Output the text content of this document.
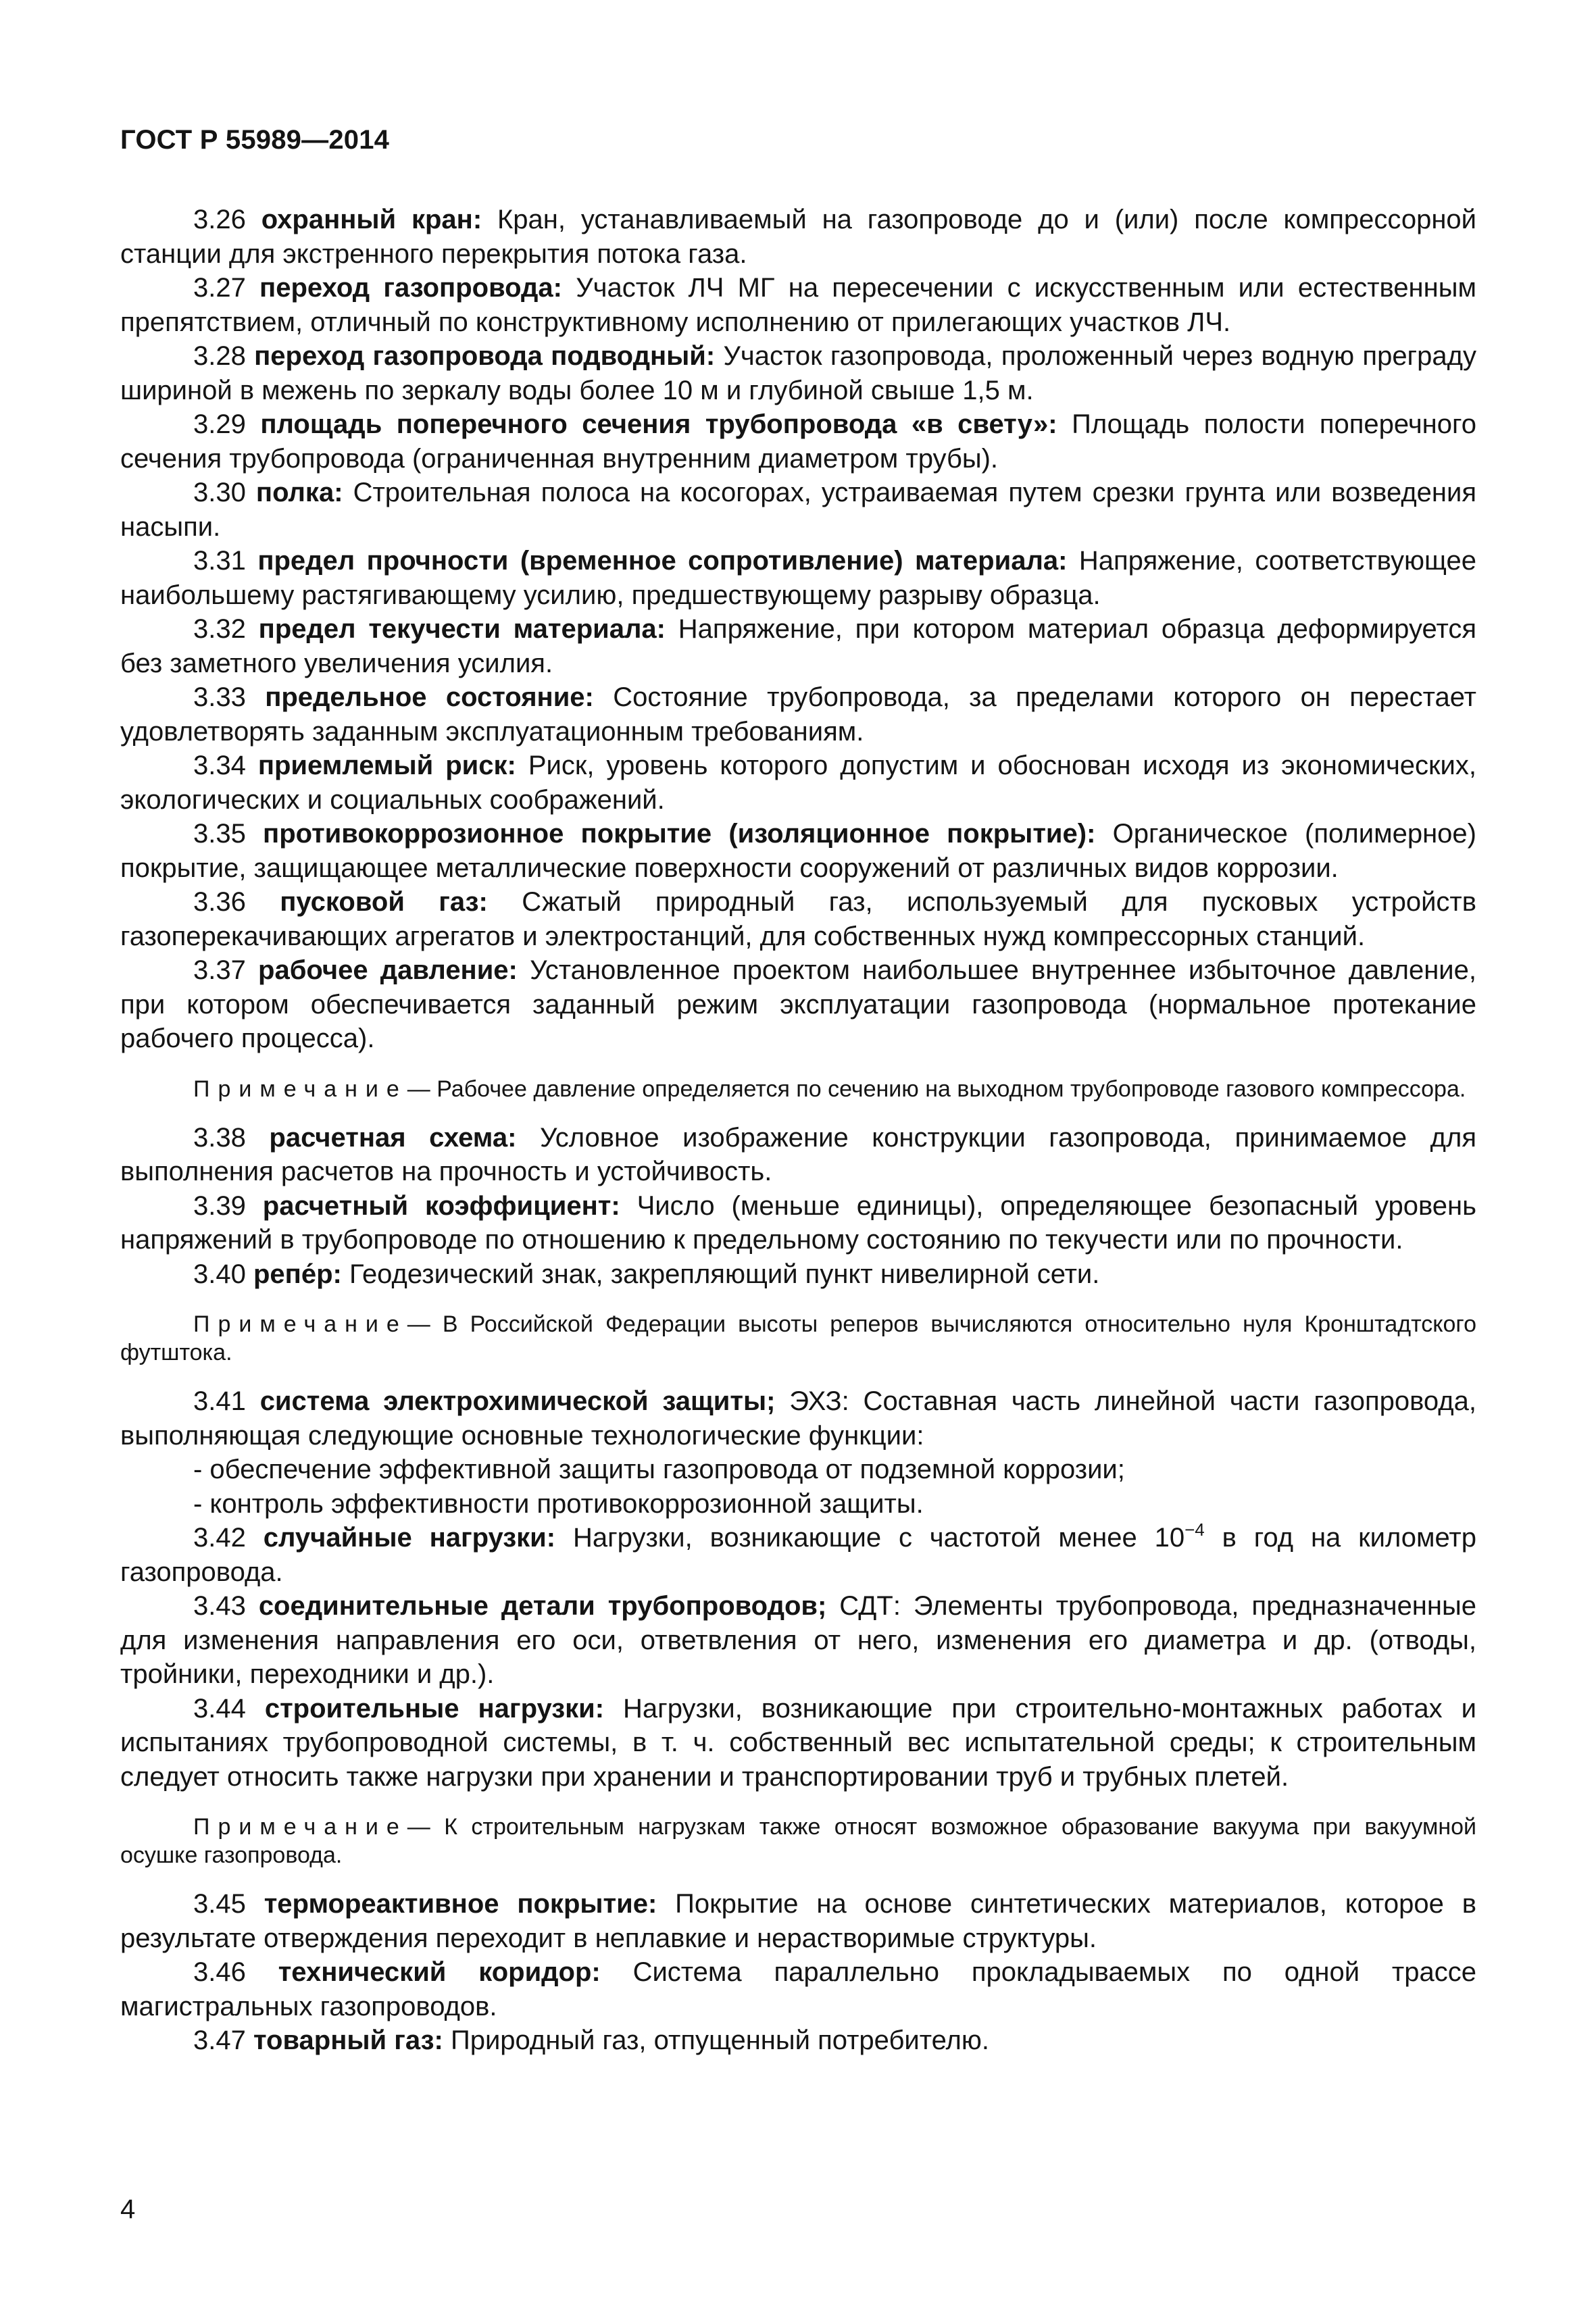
ГОСТ Р 55989—2014

3.26 охранный кран: Кран, устанавливаемый на газопроводе до и (или) после компрессорной станции для экстренного перекрытия потока газа.

3.27 переход газопровода: Участок ЛЧ МГ на пересечении с искусственным или естественным препятствием, отличный по конструктивному исполнению от прилегающих участков ЛЧ.

3.28 переход газопровода подводный: Участок газопровода, проложенный через водную преграду шириной в межень по зеркалу воды более 10 м и глубиной свыше 1,5 м.

3.29 площадь поперечного сечения трубопровода «в свету»: Площадь полости поперечного сечения трубопровода (ограниченная внутренним диаметром трубы).

3.30 полка: Строительная полоса на косогорах, устраиваемая путем срезки грунта или возведения насыпи.

3.31 предел прочности (временное сопротивление) материала: Напряжение, соответствующее наибольшему растягивающему усилию, предшествующему разрыву образца.

3.32 предел текучести материала: Напряжение, при котором материал образца деформируется без заметного увеличения усилия.

3.33 предельное состояние: Состояние трубопровода, за пределами которого он перестает удовлетворять заданным эксплуатационным требованиям.

3.34 приемлемый риск: Риск, уровень которого допустим и обоснован исходя из экономических, экологических и социальных соображений.

3.35 противокоррозионное покрытие (изоляционное покрытие): Органическое (полимерное) покрытие, защищающее металлические поверхности сооружений от различных видов коррозии.

3.36 пусковой газ: Сжатый природный газ, используемый для пусковых устройств газоперекачивающих агрегатов и электростанций, для собственных нужд компрессорных станций.

3.37 рабочее давление: Установленное проектом наибольшее внутреннее избыточное давление, при котором обеспечивается заданный режим эксплуатации газопровода (нормальное протекание рабочего процесса).

Примечание— Рабочее давление определяется по сечению на выходном трубопроводе газового компрессора.

3.38 расчетная схема: Условное изображение конструкции газопровода, принимаемое для выполнения расчетов на прочность и устойчивость.

3.39 расчетный коэффициент: Число (меньше единицы), определяющее безопасный уровень напряжений в трубопроводе по отношению к предельному состоянию по текучести или по прочности.

3.40 репе́р: Геодезический знак, закрепляющий пункт нивелирной сети.

Примечание— В Российской Федерации высоты реперов вычисляются относительно нуля Кронштадтского футштока.

3.41 система электрохимической защиты; ЭХЗ: Составная часть линейной части газопровода, выполняющая следующие основные технологические функции:

- обеспечение эффективной защиты газопровода от подземной коррозии;

- контроль эффективности противокоррозионной защиты.

3.42 случайные нагрузки: Нагрузки, возникающие с частотой менее $10^{-4}$ в год на километр газопровода.

3.43 соединительные детали трубопроводов; СДТ: Элементы трубопровода, предназначенные для изменения направления его оси, ответвления от него, изменения его диаметра и др. (отводы, тройники, переходники и др.).

3.44 строительные нагрузки: Нагрузки, возникающие при строительно-монтажных работах и испытаниях трубопроводной системы, в т. ч. собственный вес испытательной среды; к строительным следует относить также нагрузки при хранении и транспортировании труб и трубных плетей.

Примечание— К строительным нагрузкам также относят возможное образование вакуума при вакуумной осушке газопровода.

3.45 термореактивное покрытие: Покрытие на основе синтетических материалов, которое в результате отверждения переходит в неплавкие и нерастворимые структуры.

3.46 технический коридор: Система параллельно прокладываемых по одной трассе магистральных газопроводов.

3.47 товарный газ: Природный газ, отпущенный потребителю.

4
